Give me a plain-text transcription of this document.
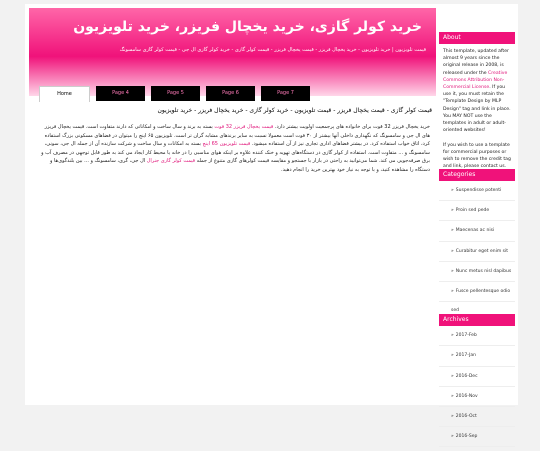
خرید کولر گازی، خرید یخچال فریزر، خرید تلویزیون
قیمت تلویزیون | خرید تلویزیون - خرید یخچال فریزر - قیمت یخچال فریزر - قیمت کولر گازی - خرید کولر گازی ال جی - قیمت کولر گازی سامسونگ
Home	Page 4	Page 5	Page 6	Page 7
قیمت کولر گازی - قیمت یخچال فریزر - قیمت تلویزیون - خرید کولر گازی - خرید یخچال فریزر - خرید تلویزیون
خرید یخچال فریزر 32 قوت برای خانواده های پرجمعیت اولویت بیشتر دارد. قیمت یخچال فریزر 32 فوت بسته به برند و سال ساخت و امکاناتی که دارند متفاوت است. قیمت یخچال فریزر های ال جی و سامسونگ که نگهداری داخلی آنها بیشتر از ۳۰ فوت است معمولا نسبت به سایر برندهای مشابه گران تر است. تلویزیون ۶۵ اینچ را میتوان در فضاهای مسکونی بزرگ استفاده کرد، اتاق خواب استفاده کرد. در بیشتر فضاهای اداری تجاری نیز از آن استفاده میشود. قیمت تلویزیون 65 اینچ بسته به امکانات و سال ساخت و شرکت سازنده آن از جمله ال جی، سونی، سامسونگ و ... متفاوت است. استفاده از کولر گازی در دستگاه‌های تهویه و خنک کننده علاوه بر اینکه هوای مناسبی را در خانه یا محیط کار ایجاد می کند به طور قابل توجهی در مصرف آب و برق صرفه‌جویی می کند. شما می‌توانید به راحتی در بازار با جستجو و مقایسه قیمت کولرهای گازی متنوع از جمله قیمت کولر گازی جنرال ال جی، گری، سامسونگ و ... بین بلندگوی‌ها و دستگاه را مشاهده کنید، و با توجه به نیاز خود بهترین خرید را انجام دهید.
About
This template, updated after almost 9 years since the original release in 2008, is released under the Creative Commons Attribution Non-Commercial License. If you use it, you must retain the "Template Design by MLP Design" tag and link in place. You MAY NOT use the templates in adult or adult-oriented websites!

If you wish to use a template for commercial purposes or wish to remove the credit tag and link, please contact us.
Categories
» Suspendisse potenti
» Proin sed pede
» Maecenas ac nisi
» Curabitur eget enim sit
» Nunc metus nisl dapibus
» Fusce pellentesque odio sed
Archives
» 2017-Feb
» 2017-Jan
» 2016-Dec
» 2016-Nov
» 2016-Oct
» 2016-Sep
